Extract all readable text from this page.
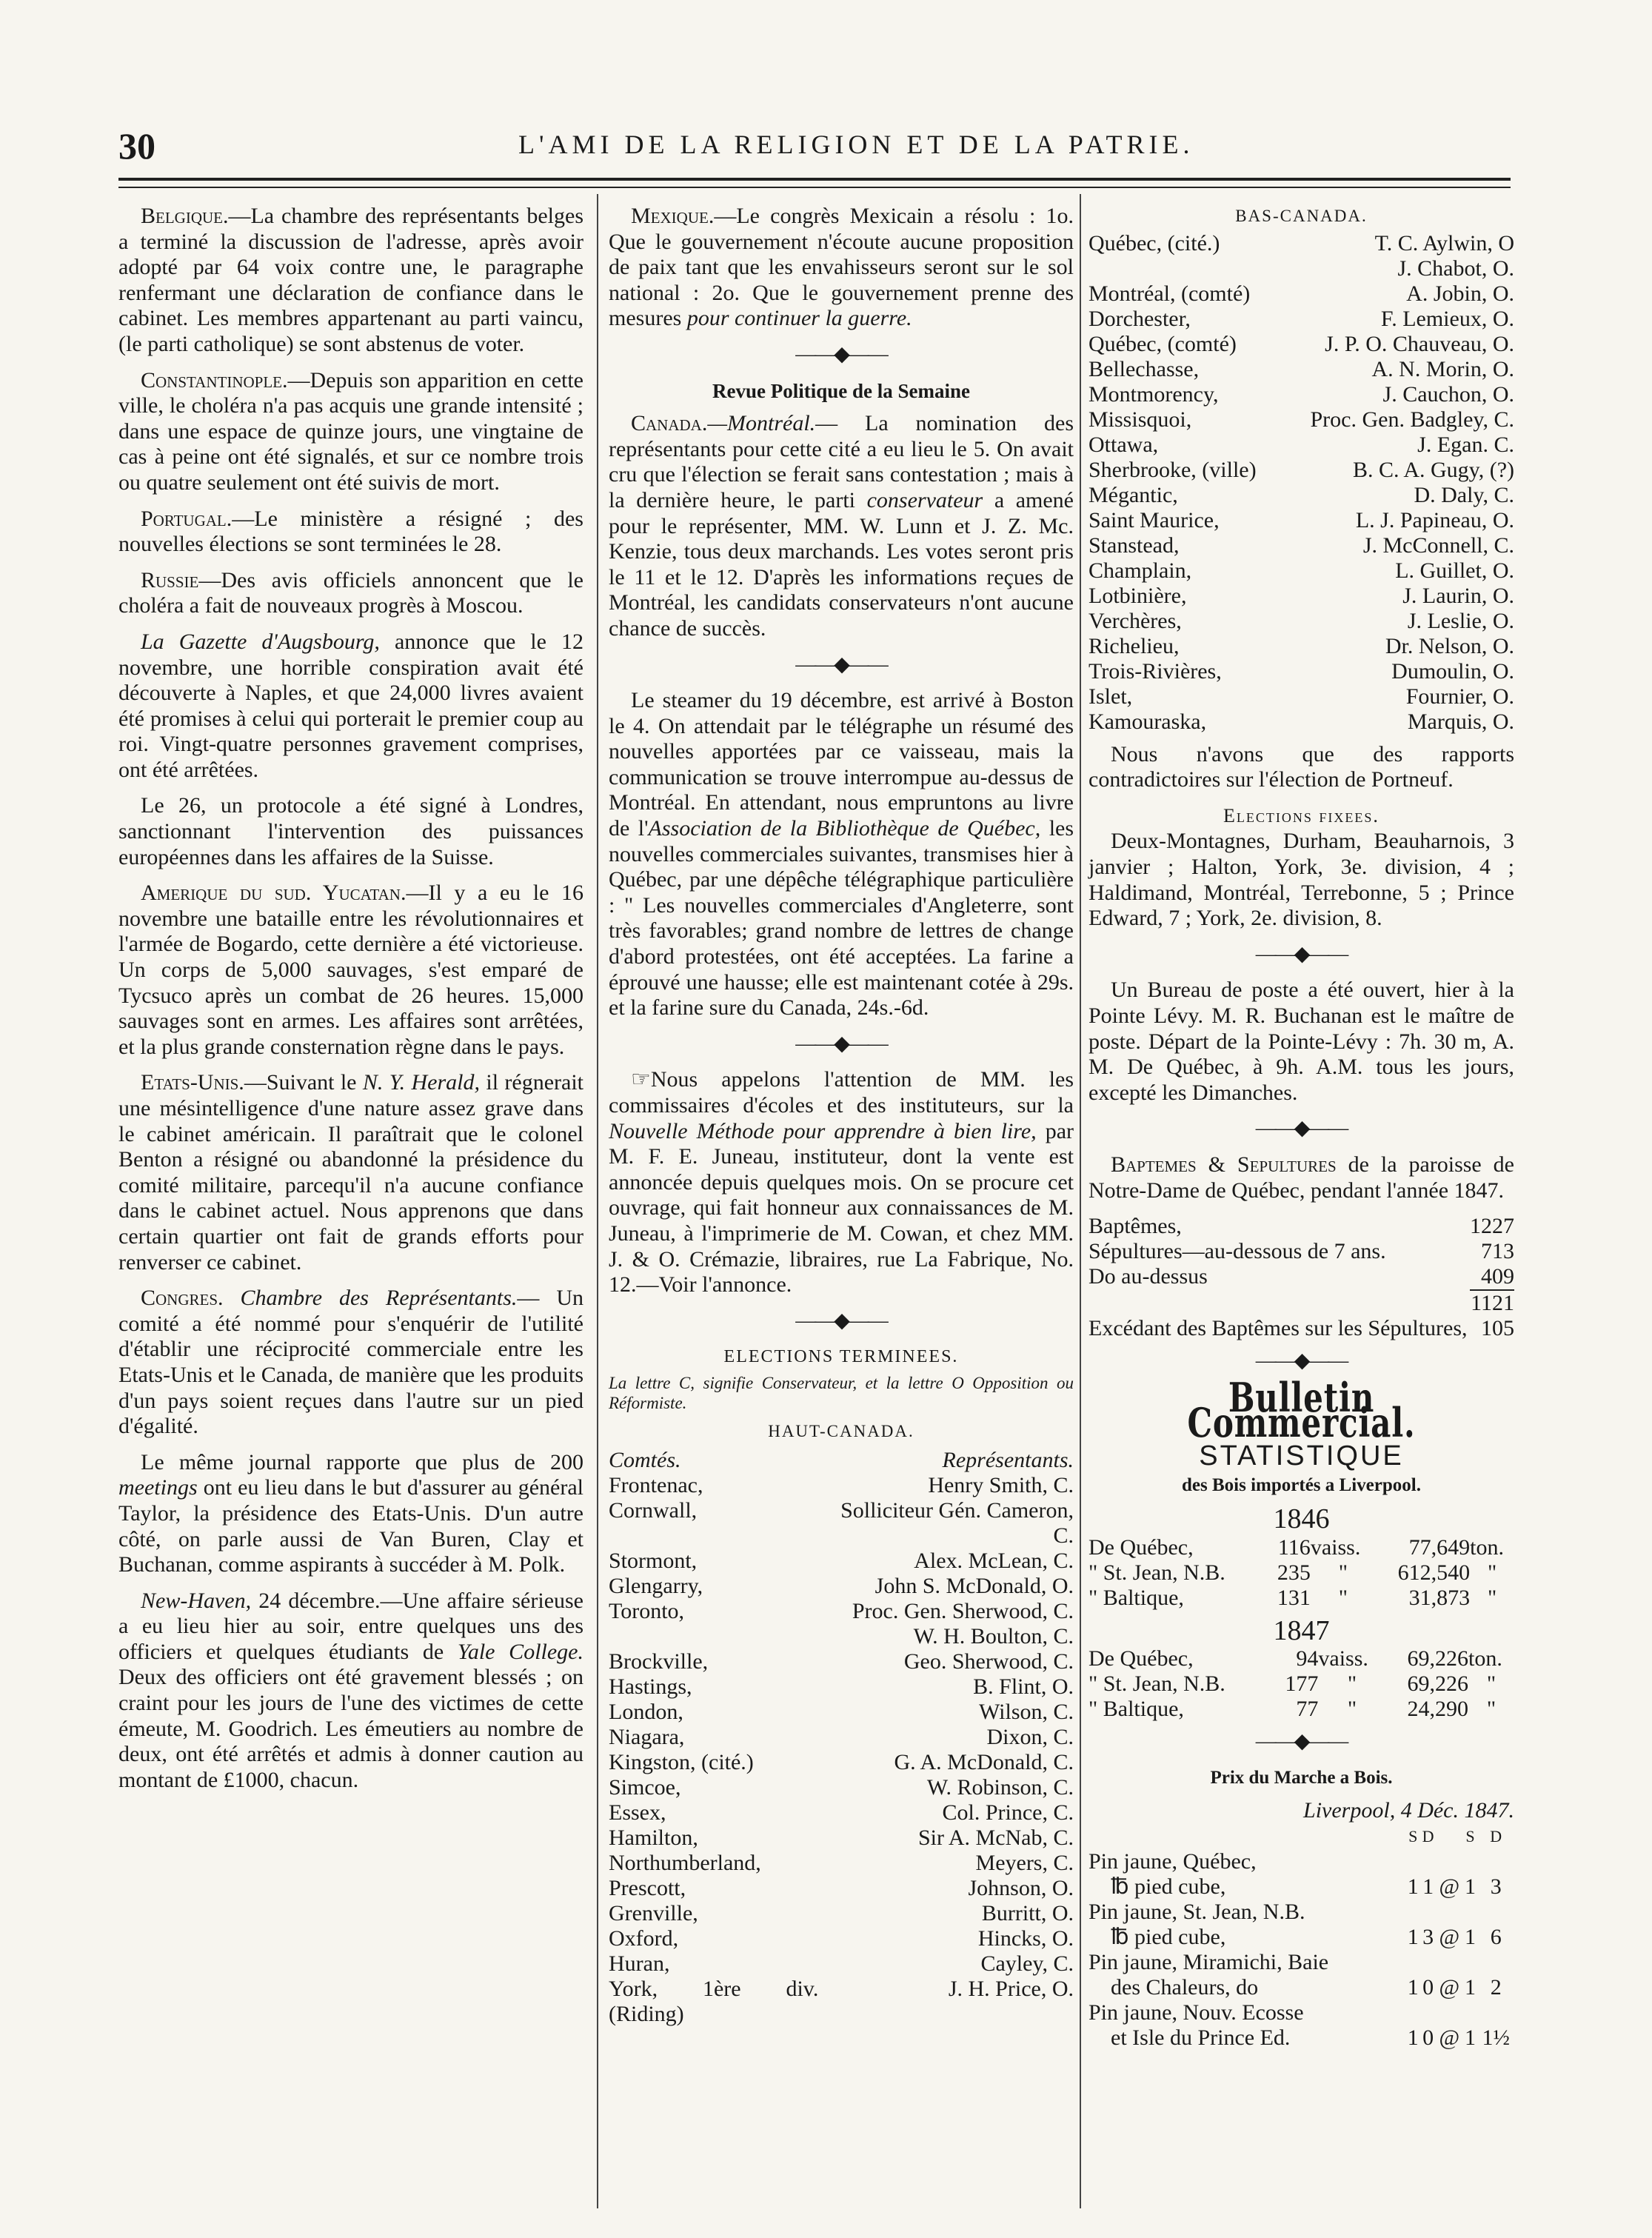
30	L'AMI DE LA RELIGION ET DE LA PATRIE.

Belgique.—La chambre des représentants belges a terminé la discussion de l'adresse, après avoir adopté par 64 voix contre une, le paragraphe renfermant une déclaration de confiance dans le cabinet. Les membres appartenant au parti vaincu, (le parti catholique) se sont abstenus de voter.

Constantinople.—Depuis son apparition en cette ville, le choléra n'a pas acquis une grande intensité ; dans une espace de quinze jours, une vingtaine de cas à peine ont été signalés, et sur ce nombre trois ou quatre seulement ont été suivis de mort.

Portugal.—Le ministère a résigné ; des nouvelles élections se sont terminées le 28.

Russie—Des avis officiels annoncent que le choléra a fait de nouveaux progrès à Moscou.

La Gazette d'Augsbourg, annonce que le 12 novembre, une horrible conspiration avait été découverte à Naples, et que 24,000 livres avaient été promises à celui qui porterait le premier coup au roi. Vingt-quatre personnes gravement comprises, ont été arrêtées.

Le 26, un protocole a été signé à Londres, sanctionnant l'intervention des puissances européennes dans les affaires de la Suisse.

Amerique du sud. Yucatan.—Il y a eu le 16 novembre une bataille entre les révolutionnaires et l'armée de Bogardo, cette dernière a été victorieuse. Un corps de 5,000 sauvages, s'est emparé de Tycsuco après un combat de 26 heures. 15,000 sauvages sont en armes. Les affaires sont arrêtées, et la plus grande consternation règne dans le pays.

Etats-Unis.—Suivant le N. Y. Herald, il régnerait une mésintelligence d'une nature assez grave dans le cabinet américain. Il paraîtrait que le colonel Benton a résigné ou abandonné la présidence du comité militaire, parcequ'il n'a aucune confiance dans le cabinet actuel. Nous apprenons que dans certain quartier ont fait de grands efforts pour renverser ce cabinet.

Congres. Chambre des Représentants.— Un comité a été nommé pour s'enquérir de l'utilité d'établir une réciprocité commerciale entre les Etats-Unis et le Canada, de manière que les produits d'un pays soient reçues dans l'autre sur un pied d'égalité.

Le même journal rapporte que plus de 200 meetings ont eu lieu dans le but d'assurer au général Taylor, la présidence des Etats-Unis. D'un autre côté, on parle aussi de Van Buren, Clay et Buchanan, comme aspirants à succéder à M. Polk.

New-Haven, 24 décembre.—Une affaire sérieuse a eu lieu hier au soir, entre quelques uns des officiers et quelques étudiants de Yale College. Deux des officiers ont été gravement blessés ; on craint pour les jours de l'une des victimes de cette émeute, M. Goodrich. Les émeutiers au nombre de deux, ont été arrêtés et admis à donner caution au montant de £1000, chacun.

Mexique.—Le congrès Mexicain a résolu : 1o. Que le gouvernement n'écoute aucune proposition de paix tant que les envahisseurs seront sur le sol national : 2o. Que le gouvernement prenne des mesures pour continuer la guerre.

——◆——
Revue Politique de la Semaine

Canada.—Montréal.— La nomination des représentants pour cette cité a eu lieu le 5. On avait cru que l'élection se ferait sans contestation ; mais à la dernière heure, le parti conservateur a amené pour le représenter, MM. W. Lunn et J. Z. Mc. Kenzie, tous deux marchands. Les votes seront pris le 11 et le 12. D'après les informations reçues de Montréal, les candidats conservateurs n'ont aucune chance de succès.

——◆——

Le steamer du 19 décembre, est arrivé à Boston le 4. On attendait par le télégraphe un résumé des nouvelles apportées par ce vaisseau, mais la communication se trouve interrompue au-dessus de Montréal. En attendant, nous empruntons au livre de l'Association de la Bibliothèque de Québec, les nouvelles commerciales suivantes, transmises hier à Québec, par une dépêche télégraphique particulière : " Les nouvelles commerciales d'Angleterre, sont très favorables; grand nombre de lettres de change d'abord protestées, ont été acceptées. La farine a éprouvé une hausse; elle est maintenant cotée à 29s. et la farine sure du Canada, 24s.-6d.

——◆——

☞Nous appelons l'attention de MM. les commissaires d'écoles et des instituteurs, sur la Nouvelle Méthode pour apprendre à bien lire, par M. F. E. Juneau, instituteur, dont la vente est annoncée depuis quelques mois. On se procure cet ouvrage, qui fait honneur aux connaissances de M. Juneau, à l'imprimerie de M. Cowan, et chez MM. J. & O. Crémazie, libraires, rue La Fabrique, No. 12.—Voir l'annonce.

——◆——
ELECTIONS TERMINEES.
La lettre C, signifie Conservateur, et la lettre O Opposition ou Réformiste.
HAUT-CANADA.
Comtés.	Représentants.
Frontenac,	Henry Smith, C.
Cornwall,	Solliciteur Gén. Cameron, C.
Stormont,	Alex. McLean, C.
Glengarry,	John S. McDonald, O.
Toronto,	Proc. Gen. Sherwood, C.
	W. H. Boulton, C.
Brockville,	Geo. Sherwood, C.
Hastings,	B. Flint, O.
London,	Wilson, C.
Niagara,	Dixon, C.
Kingston, (cité.)	G. A. McDonald, C.
Simcoe,	W. Robinson, C.
Essex,	Col. Prince, C.
Hamilton,	Sir A. McNab, C.
Northumberland,	Meyers, C.
Prescott,	Johnson, O.
Grenville,	Burritt, O.
Oxford,	Hincks, O.
Huran,	Cayley, C.
York, 1ère div. (Riding)	J. H. Price, O.
BAS-CANADA.
Québec, (cité.)	T. C. Aylwin, O
	J. Chabot, O.
Montréal, (comté)	A. Jobin, O.
Dorchester,	F. Lemieux, O.
Québec, (comté)	J. P. O. Chauveau, O.
Bellechasse,	A. N. Morin, O.
Montmorency,	J. Cauchon, O.
Missisquoi,	Proc. Gen. Badgley, C.
Ottawa,	J. Egan. C.
Sherbrooke, (ville)	B. C. A. Gugy, (?)
Mégantic,	D. Daly, C.
Saint Maurice,	L. J. Papineau, O.
Stanstead,	J. McConnell, C.
Champlain,	L. Guillet, O.
Lotbinière,	J. Laurin, O.
Verchères,	J. Leslie, O.
Richelieu,	Dr. Nelson, O.
Trois-Rivières,	Dumoulin, O.
Islet,	Fournier, O.
Kamouraska,	Marquis, O.

Nous n'avons que des rapports contradictoires sur l'élection de Portneuf.

Elections fixees.

Deux-Montagnes, Durham, Beauharnois, 3 janvier ; Halton, York, 3e. division, 4 ; Haldimand, Montréal, Terrebonne, 5 ; Prince Edward, 7 ; York, 2e. division, 8.

——◆——

Un Bureau de poste a été ouvert, hier à la Pointe Lévy. M. R. Buchanan est le maître de poste. Départ de la Pointe-Lévy : 7h. 30 m, A. M. De Québec, à 9h. A.M. tous les jours, excepté les Dimanches.

——◆——

Baptemes & Sepultures de la paroisse de Notre-Dame de Québec, pendant l'année 1847.

Baptêmes,	1227
Sépultures—au-dessous de 7 ans.	713
Do au-dessus	409
	1121
Excédant des Baptêmes sur les Sépultures,	105
——◆——
Bulletin Commercial.
STATISTIQUE
des Bois importés a Liverpool.
1846
De Québec,	116	vaiss.	77,649	ton.
" St. Jean, N.B.	235	"	612,540	"
" Baltique,	131	"	31,873	"
1847
De Québec,	94	vaiss.	69,226	ton.
" St. Jean, N.B.	177	"	69,226	"
" Baltique,	77	"	24,290	"
——◆——
Prix du Marche a Bois.
Liverpool, 4 Déc. 1847.
	S	D		S	D
Pin jaune, Québec,					
℔ pied cube,	1	1	@	1	3
Pin jaune, St. Jean, N.B.					
℔ pied cube,	1	3	@	1	6
Pin jaune, Miramichi, Baie					
des Chaleurs, do	1	0	@	1	2
Pin jaune, Nouv. Ecosse					
et Isle du Prince Ed.	1	0	@	1	1½
